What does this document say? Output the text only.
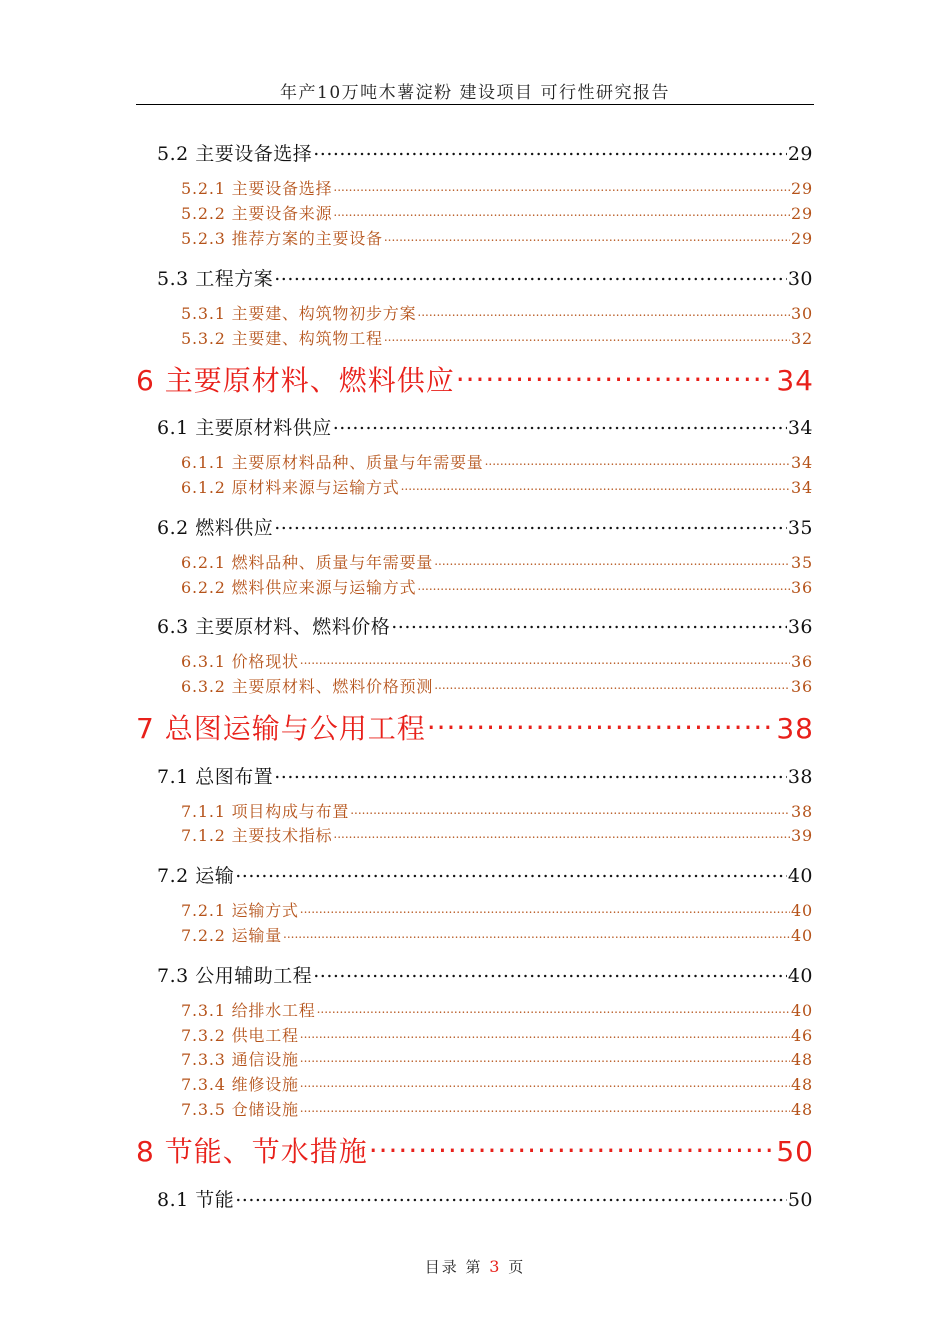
年产10万吨木薯淀粉 建设项目 可行性研究报告
5.2 主要设备选择 .....	29
5.2.1 主要设备选择 .....	29
5.2.2 主要设备来源 .....	29
5.2.3 推荐方案的主要设备 .....	29
5.3 工程方案 .....	30
5.3.1 主要建、构筑物初步方案 .....	30
5.3.2 主要建、构筑物工程 .....	32
6 主要原材料、燃料供应 .....	34
6.1 主要原材料供应 .....	34
6.1.1 主要原材料品种、质量与年需要量 .....	34
6.1.2 原材料来源与运输方式 .....	34
6.2 燃料供应 .....	35
6.2.1 燃料品种、质量与年需要量 .....	35
6.2.2 燃料供应来源与运输方式 .....	36
6.3 主要原材料、燃料价格 .....	36
6.3.1 价格现状 .....	36
6.3.2 主要原材料、燃料价格预测 .....	36
7 总图运输与公用工程 .....	38
7.1 总图布置 .....	38
7.1.1 项目构成与布置 .....	38
7.1.2 主要技术指标 .....	39
7.2 运输 .....	40
7.2.1 运输方式 .....	40
7.2.2 运输量 .....	40
7.3 公用辅助工程 .....	40
7.3.1 给排水工程 .....	40
7.3.2 供电工程 .....	46
7.3.3 通信设施 .....	48
7.3.4 维修设施 .....	48
7.3.5 仓储设施 .....	48
8 节能、节水措施 .....	50
8.1 节能 .....	50
目录 第 3 页
